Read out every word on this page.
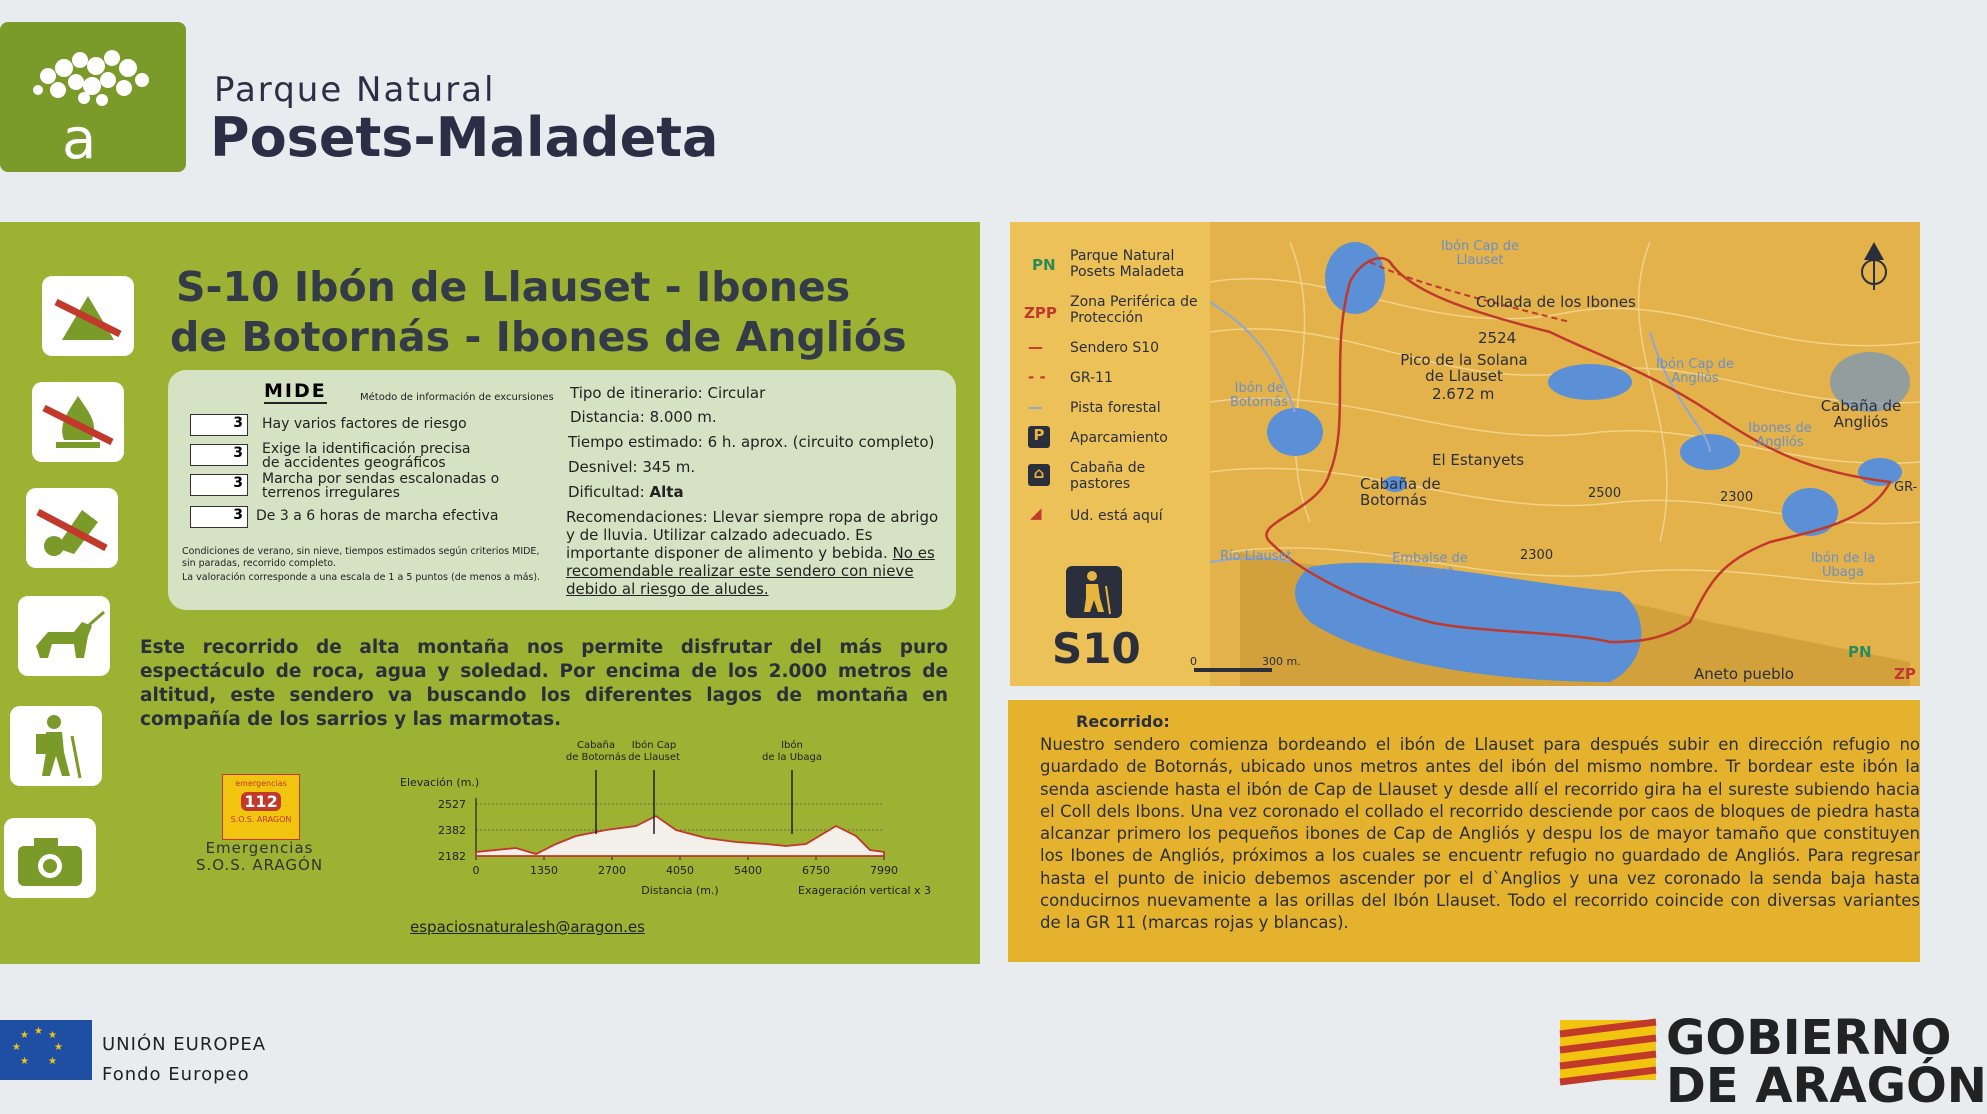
a
Parque Natural
Posets-Maladeta
S-10 Ibón de Llauset - Ibones
de Botornás - Ibones de Angliós
MIDE	Método de información de excursiones
3	Hay varios factores de riesgo
3	Exige la identificación precisa de accidentes geográficos
3	Marcha por sendas escalonadas o terrenos irregulares
3 De 3 a 6 horas de marcha efectiva
Condiciones de verano, sin nieve, tiempos estimados según criterios MIDE, sin paradas, recorrido completo.
La valoración corresponde a una escala de 1 a 5 puntos (de menos a más).
Tipo de itinerario: Circular
Distancia: 8.000 m.
Tiempo estimado: 6 h. aprox. (circuito completo)
Desnivel: 345 m.
Dificultad: Alta
Recomendaciones: Llevar siempre ropa de abrigo y de lluvia. Utilizar calzado adecuado. Es importante disponer de alimento y bebida. No es recomendable realizar este sendero con nieve debido al riesgo de aludes.
Este recorrido de alta montaña nos permite disfrutar del más puro espectáculo de roca, agua y soledad. Por encima de los 2.000 metros de altitud, este sendero va buscando los diferentes lagos de montaña en compañía de los sarrios y las marmotas.
Elevación (m.)
2527
2382
2182
0	1350	2700	4050	5400	6750	7990
Distancia (m.)	Exageración vertical x 3
Cabaña
de Botornás
Ibón Cap
de Llauset
Ibón
de la Ubaga
emergencias
112
S.O.S. ARAGON
Emergencias
S.O.S. ARAGÓN
espaciosnaturalesh@aragon.es
PN Parque Natural Posets Maladeta
ZPP
Zona Periférica de Protección
— Sendero S10
- - GR-11
— Pista forestal
P	Aparcamiento
⌂	Cabaña de pastores
◢ Ud. está aquí
S10
Collada de los Ibones
2524
Pico de la Solana de Llauset
2.672 m
El Estanyets
Cabaña de Botornás
Cabaña de Angliós
Aneto pueblo
GR-
PN
ZP
0	300 m.
2300
2500	2300
Ibón Cap de Llauset
Ibón de Botornás
Ibón Cap de Angliós
Ibones de Angliós
Ibón de la Ubaga
Embalse de Llauset
Río Llauset
Recorrido:
Nuestro sendero comienza bordeando el ibón de Llauset para después subir en dirección refugio no guardado de Botornás, ubicado unos metros antes del ibón del mismo nombre. Tr bordear este ibón la senda asciende hasta el ibón de Cap de Llauset y desde allí el recorrido gira ha el sureste subiendo hacia el Coll dels Ibons. Una vez coronado el collado el recorrido desciende por caos de bloques de piedra hasta alcanzar primero los pequeños ibones de Cap de Angliós y despu los de mayor tamaño que constituyen los Ibones de Angliós, próximos a los cuales se encuentr refugio no guardado de Angliós. Para regresar hasta el punto de inicio debemos ascender por el d`Anglios y una vez coronado la senda baja hasta conducirnos nuevamente a las orillas del Ibón Llauset. Todo el recorrido coincide con diversas variantes de la GR 11 (marcas rojas y blancas).
★ ★ ★
★
★
★
★	UNIÓN EUROPEA
Fondo Europeo
GOBIERNO
DE ARAGÓN
